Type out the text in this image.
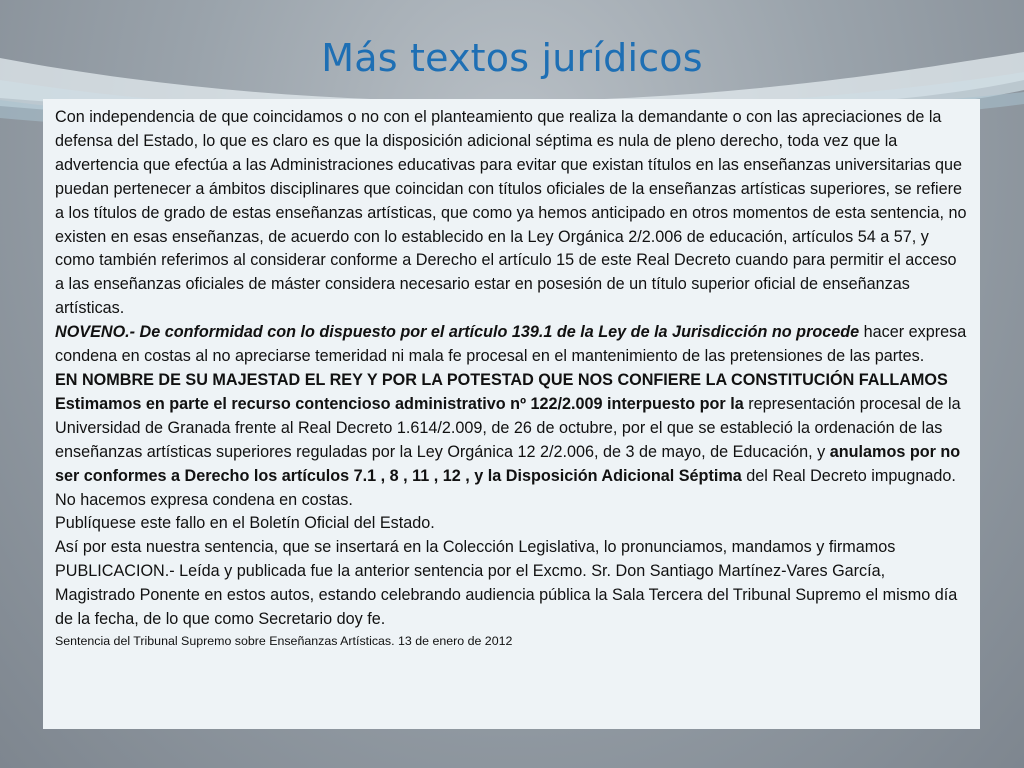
Más textos jurídicos

Con independencia de que coincidamos o no con el planteamiento que realiza la demandante o con las apreciaciones de la defensa del Estado, lo que es claro es que la disposición adicional séptima es nula de pleno derecho, toda vez que la advertencia que efectúa a las Administraciones educativas para evitar que existan títulos en las enseñanzas universitarias que puedan pertenecer a ámbitos disciplinares que coincidan con títulos oficiales de la enseñanzas artísticas superiores, se refiere a los títulos de grado de estas enseñanzas artísticas, que como ya hemos anticipado en otros momentos de esta sentencia, no existen en esas enseñanzas, de acuerdo con lo establecido en la Ley Orgánica 2/2.006 de educación, artículos 54 a 57, y como también referimos al considerar conforme a Derecho el artículo 15 de este Real Decreto cuando para permitir el acceso a las enseñanzas oficiales de máster considera necesario estar en posesión de un título superior oficial de enseñanzas artísticas.

NOVENO.- De conformidad con lo dispuesto por el artículo 139.1 de la Ley de la Jurisdicción no procede hacer expresa condena en costas al no apreciarse temeridad ni mala fe procesal en el mantenimiento de las pretensiones de las partes.

EN NOMBRE DE SU MAJESTAD EL REY Y POR LA POTESTAD QUE NOS CONFIERE LA CONSTITUCIÓN FALLAMOS

Estimamos en parte el recurso contencioso administrativo nº 122/2.009 interpuesto por la representación procesal de la Universidad de Granada frente al Real Decreto 1.614/2.009, de 26 de octubre, por el que se estableció la ordenación de las enseñanzas artísticas superiores reguladas por la Ley Orgánica 12 2/2.006, de 3 de mayo, de Educación, y anulamos por no ser conformes a Derecho los artículos 7.1 , 8 , 11 , 12 , y la Disposición Adicional Séptima del Real Decreto impugnado. No hacemos expresa condena en costas.

Publíquese este fallo en el Boletín Oficial del Estado.

Así por esta nuestra sentencia, que se insertará en la Colección Legislativa, lo pronunciamos, mandamos y firmamos PUBLICACION.- Leída y publicada fue la anterior sentencia por el Excmo. Sr. Don Santiago Martínez-Vares García, Magistrado Ponente en estos autos, estando celebrando audiencia pública la Sala Tercera del Tribunal Supremo el mismo día de la fecha, de lo que como Secretario doy fe.

Sentencia del Tribunal Supremo sobre Enseñanzas Artísticas. 13 de enero de 2012
